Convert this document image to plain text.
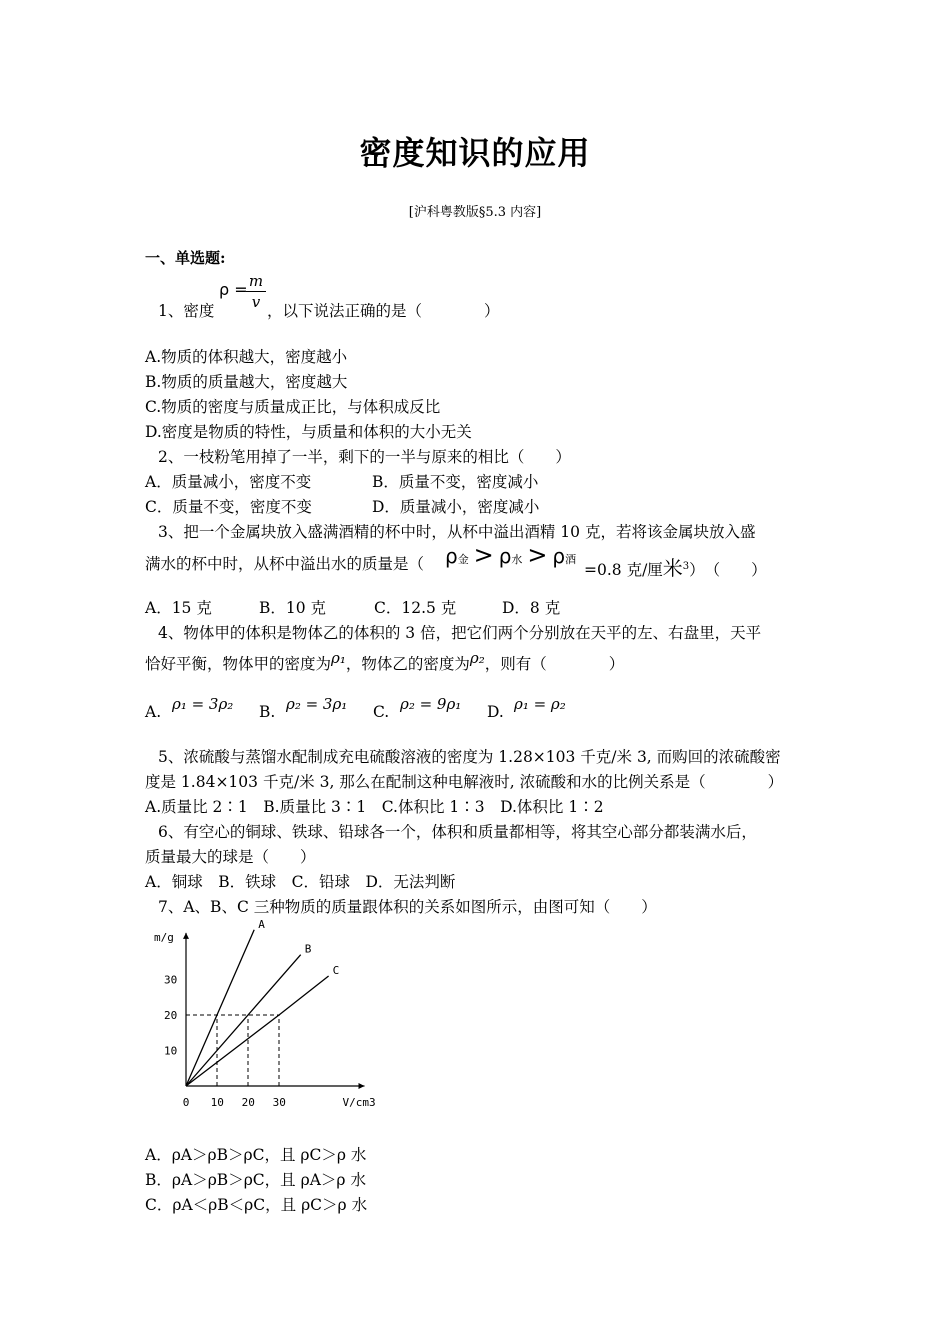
密度知识的应用
[沪科粤教版§5.3 内容]
一、单选题:
1、密度
ρ = m
v ，以下说法正确的是（　　　　）
A.物质的体积越大，密度越小
B.物质的质量越大，密度越大
C.物质的密度与质量成正比，与体积成反比
D.密度是物质的特性，与质量和体积的大小无关
2、一枝粉笔用掉了一半，剩下的一半与原来的相比（　　）
A．质量减小，密度不变	B．质量不变，密度减小
C．质量不变，密度不变	D．质量减小，密度减小
3、把一个金属块放入盛满酒精的杯中时，从杯中溢出酒精 10 克，若将该金属块放入盛
满水的杯中时，从杯中溢出水的质量是（ ρ金 > ρ水 > ρ酒
=0.8 克/厘米$^3$）　（　　）
A．15 克	B．10 克	C．12.5 克	D．8 克
4、物体甲的体积是物体乙的体积的 3 倍，把它们两个分别放在天平的左、右盘里，天平
恰好平衡，物体甲的密度为ρ₁，物体乙的密度为ρ₂，则有（　　　　）
A. ρ₁ = 3ρ₂ B. ρ₂ = 3ρ₁ C. ρ₂ = 9ρ₁ D. ρ₁ = ρ₂
5、浓硫酸与蒸馏水配制成充电硫酸溶液的密度为 1.28×103 千克/米 3, 而购回的浓硫酸密
度是 1.84×103 千克/米 3, 那么在配制这种电解液时, 浓硫酸和水的比例关系是（　　　　）
A.质量比 2∶1　B.质量比 3∶1　C.体积比 1∶3　D.体积比 1∶2
6、有空心的铜球、铁球、铅球各一个，体积和质量都相等，将其空心部分都装满水后，
质量最大的球是（　　）
A．铜球　B．铁球　C．铅球　D．无法判断
7、A、B、C 三种物质的质量跟体积的关系如图所示，由图可知（　　）
m/g
V/cm3
0 10 20 30
10
20
30
A
B
C
A．ρA＞ρB＞ρC，且 ρC＞ρ 水
B．ρA＞ρB＞ρC，且 ρA＞ρ 水
C．ρA＜ρB＜ρC，且 ρC＞ρ 水
